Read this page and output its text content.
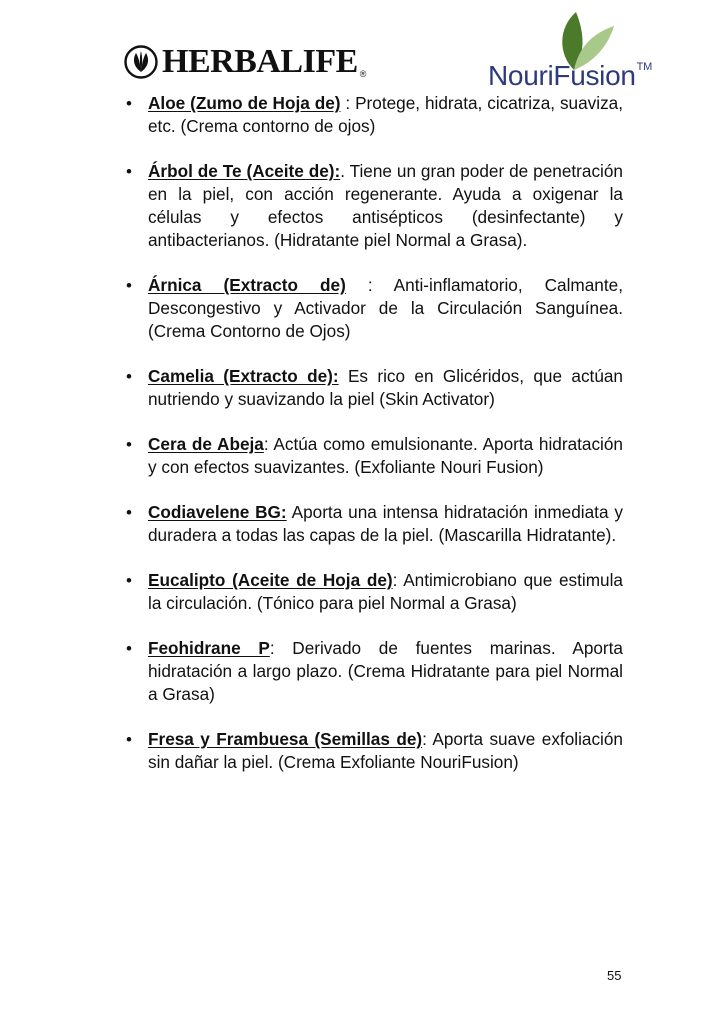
HERBALIFE ®	NouriFusion™
• Aloe (Zumo de Hoja de) : Protege, hidrata, cicatriza, suaviza, etc. (Crema contorno de ojos)

• Árbol de Te (Aceite de):. Tiene un gran poder de penetración en la piel, con acción regenerante. Ayuda a oxigenar la células y efectos antisépticos (desinfectante) y antibacterianos. (Hidratante piel Normal a Grasa).

• Árnica (Extracto de) : Anti-inflamatorio, Calmante, Descongestivo y Activador de la Circulación Sanguínea. (Crema Contorno de Ojos)

• Camelia (Extracto de): Es rico en Glicéridos, que actúan nutriendo y suavizando la piel (Skin Activator)

• Cera de Abeja: Actúa como emulsionante. Aporta hidratación y con efectos suavizantes. (Exfoliante Nouri Fusion)

• Codiavelene BG: Aporta una intensa hidratación inmediata y duradera a todas las capas de la piel. (Mascarilla Hidratante).

• Eucalipto (Aceite de Hoja de): Antimicrobiano que estimula la circulación. (Tónico para piel Normal a Grasa)

• Feohidrane P: Derivado de fuentes marinas. Aporta hidratación a largo plazo. (Crema Hidratante para piel Normal a Grasa)

• Fresa y Frambuesa (Semillas de): Aporta suave exfoliación sin dañar la piel. (Crema Exfoliante NouriFusion)

55
